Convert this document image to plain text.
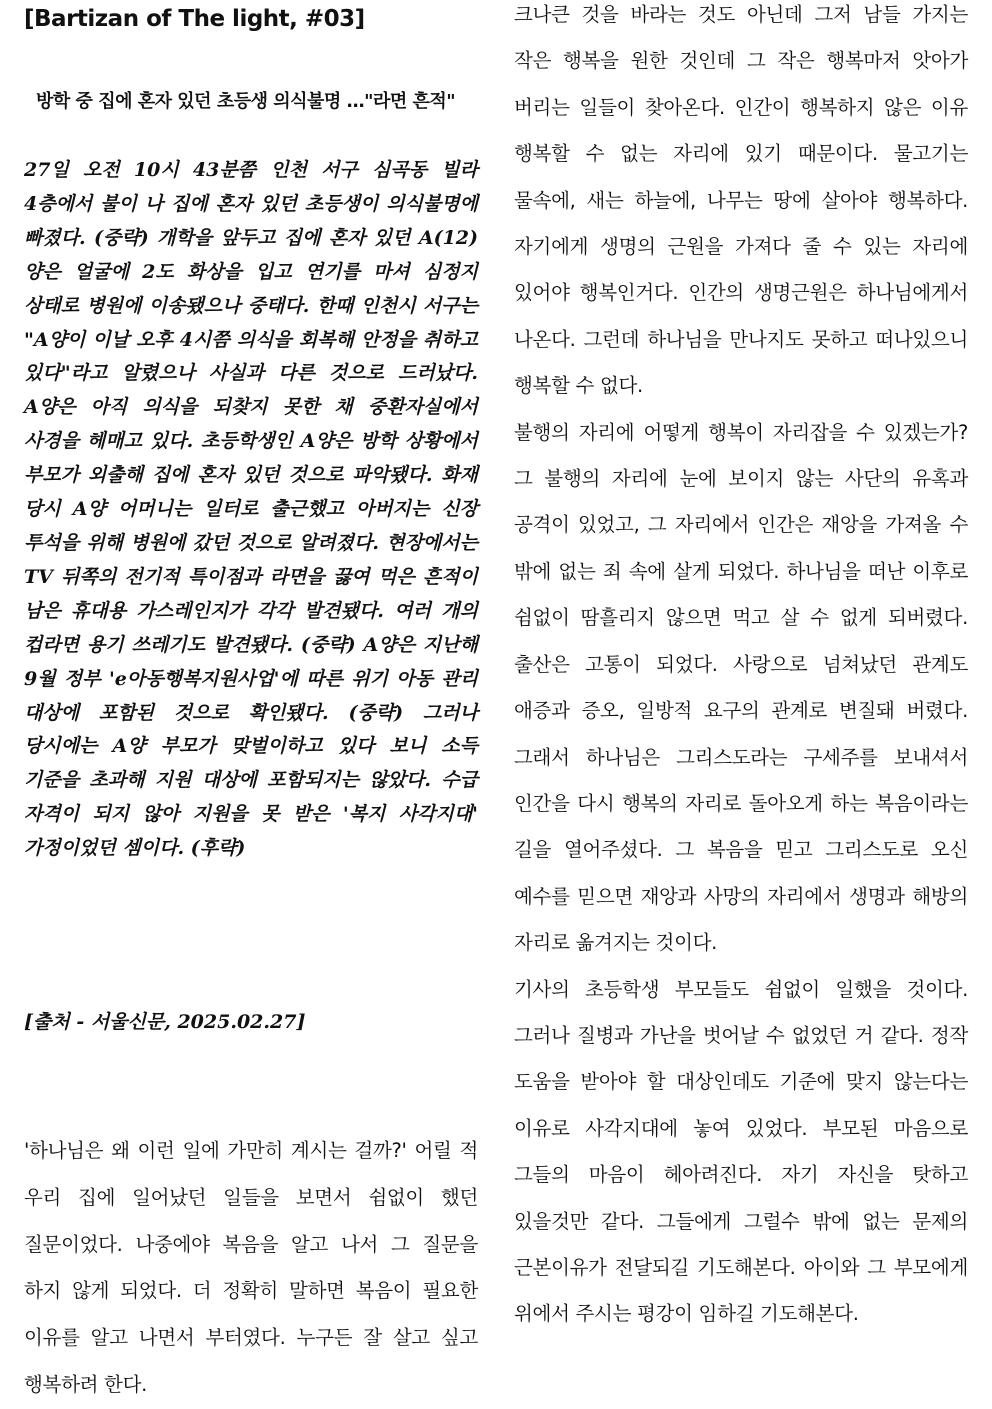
[Bartizan of The light, #03]
방학 중 집에 혼자 있던 초등생 의식불명 …"라면 흔적"

27일 오전 10시 43분쯤 인천 서구 심곡동 빌라 4층에서 불이 나 집에 혼자 있던 초등생이 의식불명에 빠졌다. (중략) 개학을 앞두고 집에 혼자 있던 A(12)양은 얼굴에 2도 화상을 입고 연기를 마셔 심정지 상태로 병원에 이송됐으나 중태다. 한때 인천시 서구는 "A양이 이날 오후 4시쯤 의식을 회복해 안정을 취하고 있다"라고 알렸으나 사실과 다른 것으로 드러났다. A양은 아직 의식을 되찾지 못한 채 중환자실에서 사경을 헤매고 있다. 초등학생인 A양은 방학 상황에서 부모가 외출해 집에 혼자 있던 것으로 파악됐다. 화재 당시 A양 어머니는 일터로 출근했고 아버지는 신장 투석을 위해 병원에 갔던 것으로 알려졌다. 현장에서는 TV 뒤쪽의 전기적 특이점과 라면을 끓여 먹은 흔적이 남은 휴대용 가스레인지가 각각 발견됐다. 여러 개의 컵라면 용기 쓰레기도 발견됐다. (중략) A양은 지난해 9월 정부 'e아동행복지원사업'에 따른 위기 아동 관리 대상에 포함된 것으로 확인됐다. (중략) 그러나 당시에는 A양 부모가 맞벌이하고 있다 보니 소득 기준을 초과해 지원 대상에 포함되지는 않았다. 수급 자격이 되지 않아 지원을 못 받은 '복지 사각지대' 가정이었던 셈이다. (후략)

[출처 - 서울신문, 2025.02.27]

'하나님은 왜 이런 일에 가만히 계시는 걸까?' 어릴 적 우리 집에 일어났던 일들을 보면서 쉼없이 했던 질문이었다. 나중에야 복음을 알고 나서 그 질문을 하지 않게 되었다. 더 정확히 말하면 복음이 필요한 이유를 알고 나면서 부터였다. 누구든 잘 살고 싶고 행복하려 한다.

크나큰 것을 바라는 것도 아닌데 그저 남들 가지는 작은 행복을 원한 것인데 그 작은 행복마저 앗아가 버리는 일들이 찾아온다. 인간이 행복하지 않은 이유 행복할 수 없는 자리에 있기 때문이다. 물고기는 물속에, 새는 하늘에, 나무는 땅에 살아야 행복하다. 자기에게 생명의 근원을 가져다 줄 수 있는 자리에 있어야 행복인거다. 인간의 생명근원은 하나님에게서 나온다. 그런데 하나님을 만나지도 못하고 떠나있으니 행복할 수 없다.

불행의 자리에 어떻게 행복이 자리잡을 수 있겠는가? 그 불행의 자리에 눈에 보이지 않는 사단의 유혹과 공격이 있었고, 그 자리에서 인간은 재앙을 가져올 수 밖에 없는 죄 속에 살게 되었다. 하나님을 떠난 이후로 쉼없이 땀흘리지 않으면 먹고 살 수 없게 되버렸다. 출산은 고통이 되었다. 사랑으로 넘쳐났던 관계도 애증과 증오, 일방적 요구의 관계로 변질돼 버렸다. 그래서 하나님은 그리스도라는 구세주를 보내셔서 인간을 다시 행복의 자리로 돌아오게 하는 복음이라는 길을 열어주셨다. 그 복음을 믿고 그리스도로 오신 예수를 믿으면 재앙과 사망의 자리에서 생명과 해방의 자리로 옮겨지는 것이다.

기사의 초등학생 부모들도 쉼없이 일했을 것이다. 그러나 질병과 가난을 벗어날 수 없었던 거 같다. 정작 도움을 받아야 할 대상인데도 기준에 맞지 않는다는 이유로 사각지대에 놓여 있었다. 부모된 마음으로 그들의 마음이 헤아려진다. 자기 자신을 탓하고 있을것만 같다. 그들에게 그럴수 밖에 없는 문제의 근본이유가 전달되길 기도해본다. 아이와 그 부모에게 위에서 주시는 평강이 임하길 기도해본다.
